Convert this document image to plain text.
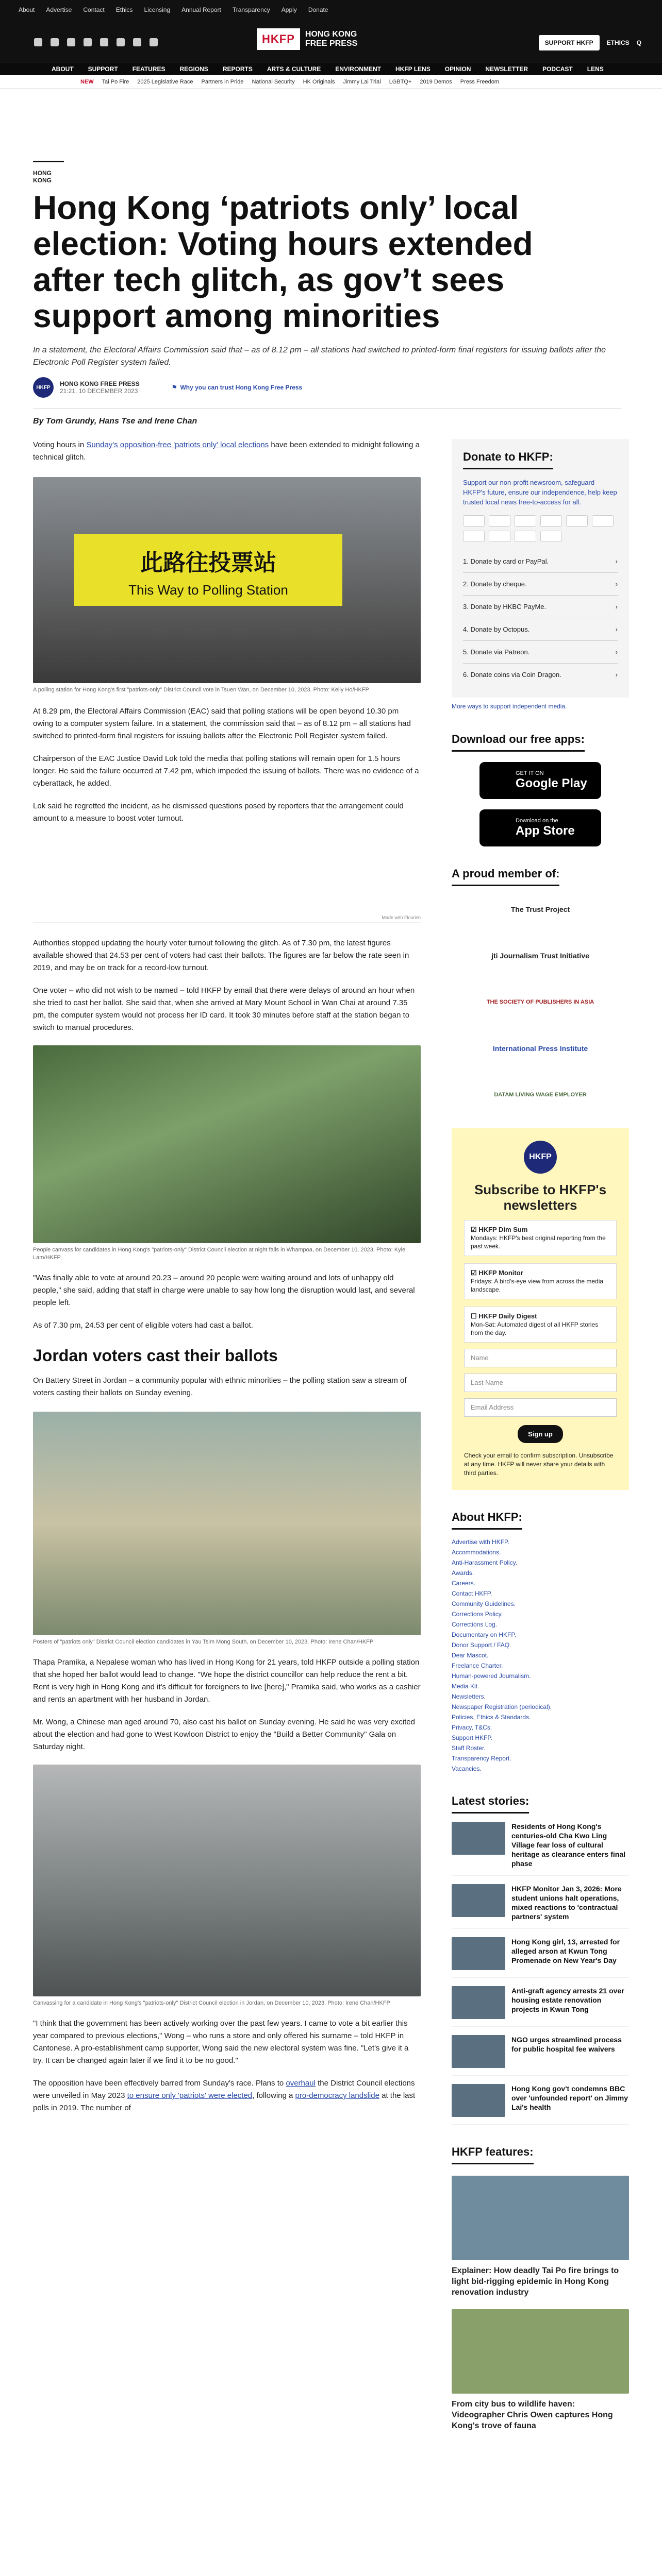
About Advertise Contact Ethics Licensing Annual Report Transparency Apply Donate
HKFP	HONG KONG
FREE PRESS	SUPPORT HKFP	ETHICS Q
ABOUT SUPPORT FEATURES REGIONS REPORTS ARTS & CULTURE ENVIRONMENT HKFP LENS OPINION NEWSLETTER PODCAST LENS
NEW Tai Po Fire 2025 Legislative Race Partners in Pride National Security HK Originals Jimmy Lai Trial LGBTQ+ 2019 Demos Press Freedom
HONG KONG
Hong Kong ‘patriots only’ local election: Voting hours extended after tech glitch, as gov’t sees support among minorities
In a statement, the Electoral Affairs Commission said that – as of 8.12 pm – all stations had switched to printed-form final registers for issuing ballots after the Electronic Poll Register system failed.
HKFP	HONG KONG FREE PRESS
21:21, 10 DECEMBER 2023	⚑ Why you can trust Hong Kong Free Press
By Tom Grundy, Hans Tse and Irene Chan

Voting hours in Sunday's opposition-free 'patriots only' local elections have been extended to midnight following a technical glitch.

此路往投票站
This Way to Polling Station
A polling station for Hong Kong's first "patriots-only" District Council vote in Tsuen Wan, on December 10, 2023. Photo: Kelly Ho/HKFP

At 8.29 pm, the Electoral Affairs Commission (EAC) said that polling stations will be open beyond 10.30 pm owing to a computer system failure. In a statement, the commission said that – as of 8.12 pm – all stations had switched to printed-form final registers for issuing ballots after the Electronic Poll Register system failed.

Chairperson of the EAC Justice David Lok told the media that polling stations will remain open for 1.5 hours longer. He said the failure occurred at 7.42 pm, which impeded the issuing of ballots. There was no evidence of a cyberattack, he added.

Lok said he regretted the incident, as he dismissed questions posed by reporters that the arrangement could amount to a measure to boost voter turnout.

Made with Flourish

Authorities stopped updating the hourly voter turnout following the glitch. As of 7.30 pm, the latest figures available showed that 24.53 per cent of voters had cast their ballots. The figures are far below the rate seen in 2019, and may be on track for a record-low turnout.

One voter – who did not wish to be named – told HKFP by email that there were delays of around an hour when she tried to cast her ballot. She said that, when she arrived at Mary Mount School in Wan Chai at around 7.35 pm, the computer system would not process her ID card. It took 30 minutes before staff at the station began to switch to manual procedures.

People canvass for candidates in Hong Kong's "patriots-only" District Council election at night falls in Whampoa, on December 10, 2023. Photo: Kyle Lam/HKFP

"Was finally able to vote at around 20.23 – around 20 people were waiting around and lots of unhappy old people," she said, adding that staff in charge were unable to say how long the disruption would last, and several people left.

As of 7.30 pm, 24.53 per cent of eligible voters had cast a ballot.

Jordan voters cast their ballots

On Battery Street in Jordan – a community popular with ethnic minorities – the polling station saw a stream of voters casting their ballots on Sunday evening.

Posters of "patriots only" District Council election candidates in Yau Tsim Mong South, on December 10, 2023. Photo: Irene Chan/HKFP

Thapa Pramika, a Nepalese woman who has lived in Hong Kong for 21 years, told HKFP outside a polling station that she hoped her ballot would lead to change. "We hope the district councillor can help reduce the rent a bit. Rent is very high in Hong Kong and it's difficult for foreigners to live [here]," Pramika said, who works as a cashier and rents an apartment with her husband in Jordan.

Mr. Wong, a Chinese man aged around 70, also cast his ballot on Sunday evening. He said he was very excited about the election and had gone to West Kowloon District to enjoy the "Build a Better Community" Gala on Saturday night.

Canvassing for a candidate in Hong Kong's "patriots-only" District Council election in Jordan, on December 10, 2023. Photo: Irene Chan/HKFP

"I think that the government has been actively working over the past few years. I came to vote a bit earlier this year compared to previous elections," Wong – who runs a store and only offered his surname – told HKFP in Cantonese. A pro-establishment camp supporter, Wong said the new electoral system was fine. "Let's give it a try. It can be changed again later if we find it to be no good."

The opposition have been effectively barred from Sunday's race. Plans to overhaul the District Council elections were unveiled in May 2023 to ensure only 'patriots' were elected, following a pro-democracy landslide at the last polls in 2019. The number of

Donate to HKFP:

Support our non-profit newsroom, safeguard HKFP's future, ensure our independence, help keep trusted local news free-to-access for all.

1. Donate by card or PayPal.	›
2. Donate by cheque.	›
3. Donate by HKBC PayMe.	›
4. Donate by Octopus.	›
5. Donate via Patreon.	›
6. Donate coins via Coin Dragon.	›

More ways to support independent media.

Download our free apps:
GET IT ON
Google Play
Download on the
App Store
A proud member of:
The Trust Project
jti Journalism Trust Initiative
THE SOCIETY OF PUBLISHERS IN ASIA
International Press Institute
DATAM LIVING WAGE EMPLOYER
HKFP
Subscribe to HKFP's newsletters
☑ HKFP Dim Sum
Mondays: HKFP's best original reporting from the past week.
☑ HKFP Monitor
Fridays: A bird's-eye view from across the media landscape.
☐ HKFP Daily Digest
Mon-Sat: Automated digest of all HKFP stories from the day.
Name
Last Name
Email Address
Sign up

Check your email to confirm subscription. Unsubscribe at any time. HKFP will never share your details with third parties.

About HKFP:
Advertise with HKFP.
Accommodations.
Anti-Harassment Policy.
Awards.
Careers.
Contact HKFP.
Community Guidelines.
Corrections Policy.
Corrections Log.
Documentary on HKFP.
Donor Support / FAQ.
Dear Mascot.
Freelance Charter.
Human-powered Journalism.
Media Kit.
Newsletters.
Newspaper Registration (periodical).
Policies, Ethics & Standards.
Privacy, T&Cs.
Support HKFP.
Staff Roster.
Transparency Report.
Vacancies.
Latest stories:
Residents of Hong Kong's centuries-old Cha Kwo Ling Village fear loss of cultural heritage as clearance enters final phase
HKFP Monitor Jan 3, 2026: More student unions halt operations, mixed reactions to 'contractual partners' system
Hong Kong girl, 13, arrested for alleged arson at Kwun Tong Promenade on New Year's Day
Anti-graft agency arrests 21 over housing estate renovation projects in Kwun Tong
NGO urges streamlined process for public hospital fee waivers
Hong Kong gov't condemns BBC over 'unfounded report' on Jimmy Lai's health
HKFP features:
Explainer: How deadly Tai Po fire brings to light bid-rigging epidemic in Hong Kong renovation industry
From city bus to wildlife haven: Videographer Chris Owen captures Hong Kong's trove of fauna
